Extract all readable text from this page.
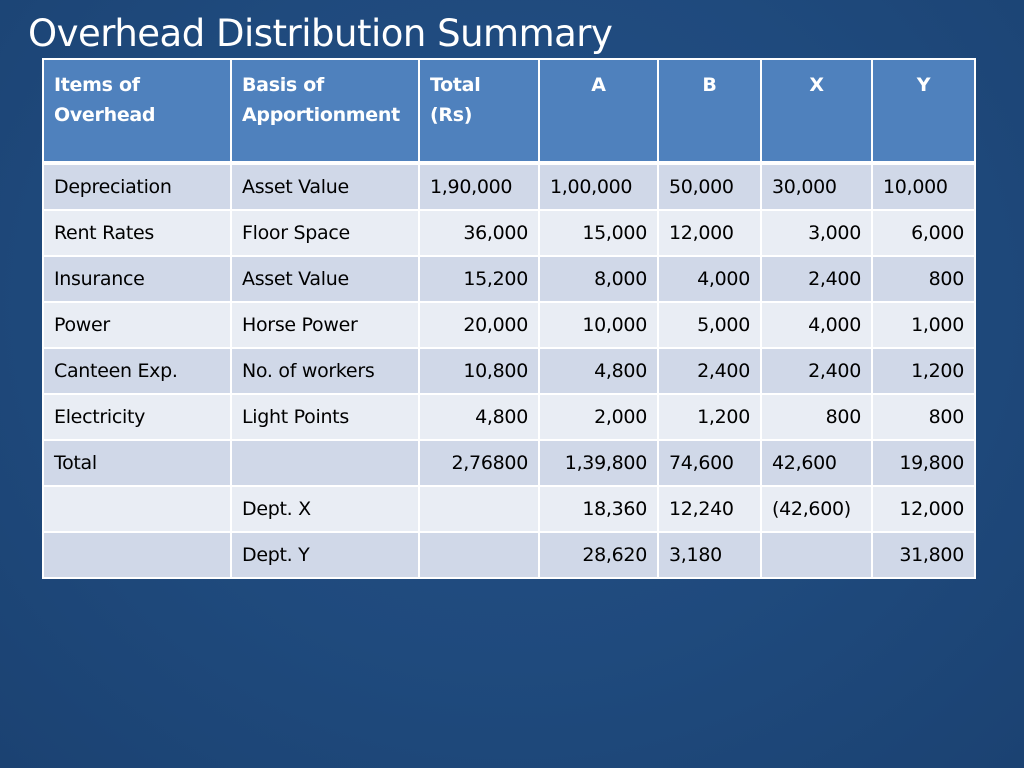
Overhead Distribution Summary
Items of Overhead	Basis of Apportionment	Total (Rs)	A	B	X	Y
Depreciation	Asset Value	1,90,000	1,00,000	50,000	30,000	10,000
Rent Rates	Floor Space	36,000	15,000	12,000	3,000	6,000
Insurance	Asset Value	15,200	8,000	4,000	2,400	800
Power	Horse Power	20,000	10,000	5,000	4,000	1,000
Canteen Exp.	No. of workers	10,800	4,800	2,400	2,400	1,200
Electricity	Light Points	4,800	2,000	1,200	800	800
Total		2,76800	1,39,800	74,600	42,600	19,800
	Dept. X		18,360	12,240	(42,600)	12,000
	Dept. Y		28,620	3,180		31,800
